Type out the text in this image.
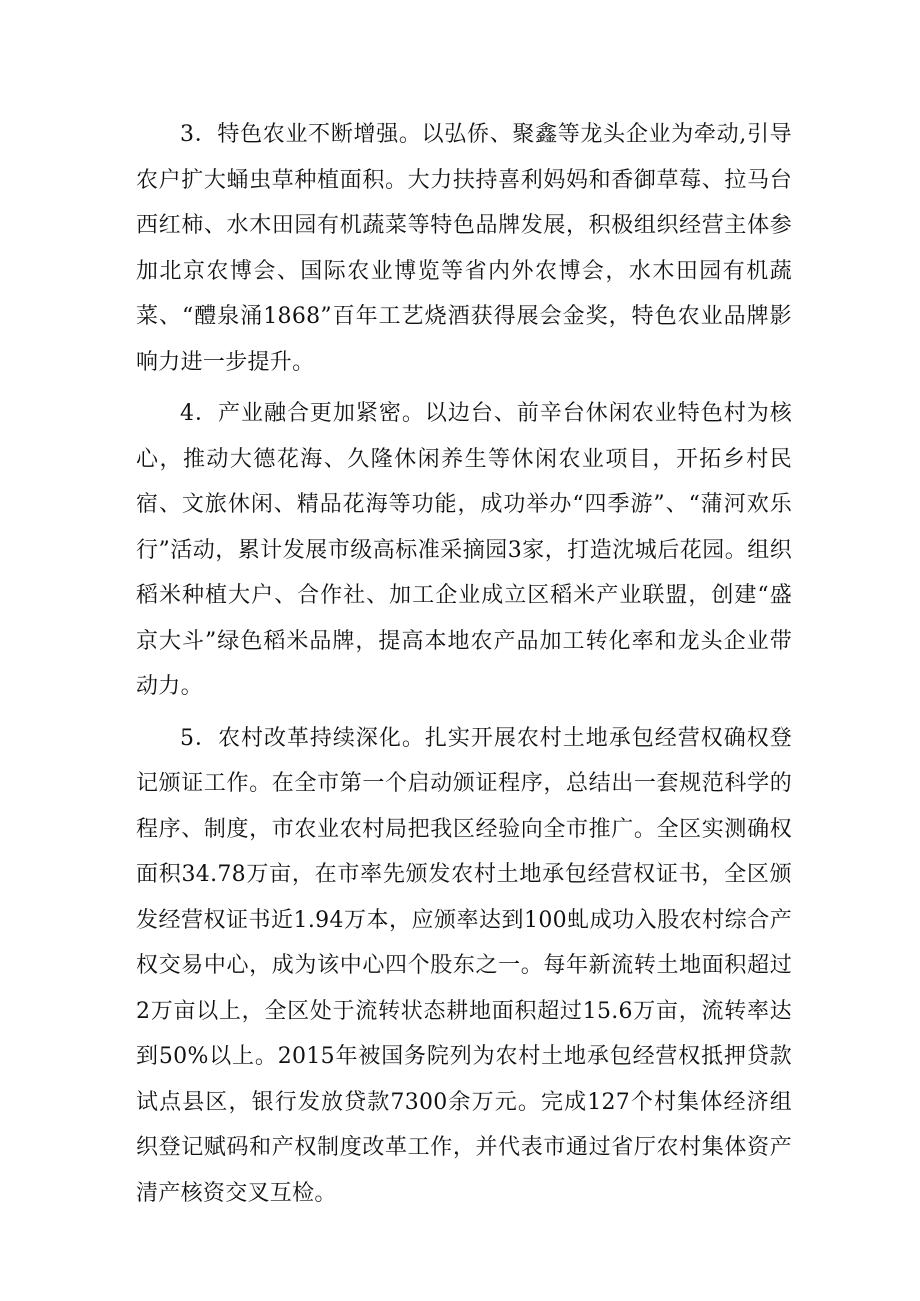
3．特色农业不断增强。以弘侨、聚鑫等龙头企业为牵动,引导农户扩大蛹虫草种植面积。大力扶持喜利妈妈和香御草莓、拉马台西红柿、水木田园有机蔬菜等特色品牌发展，积极组织经营主体参加北京农博会、国际农业博览等省内外农博会，水木田园有机蔬菜、“醴泉涌1868”百年工艺烧酒获得展会金奖，特色农业品牌影响力进一步提升。

4．产业融合更加紧密。以边台、前辛台休闲农业特色村为核心，推动大德花海、久隆休闲养生等休闲农业项目，开拓乡村民宿、文旅休闲、精品花海等功能，成功举办“四季游”、“蒲河欢乐行”活动，累计发展市级高标准采摘园3家，打造沈城后花园。组织稻米种植大户、合作社、加工企业成立区稻米产业联盟，创建“盛京大斗”绿色稻米品牌，提高本地农产品加工转化率和龙头企业带动力。

5．农村改革持续深化。扎实开展农村土地承包经营权确权登记颁证工作。在全市第一个启动颁证程序，总结出一套规范科学的程序、制度，市农业农村局把我区经验向全市推广。全区实测确权面积34.78万亩，在市率先颁发农村土地承包经营权证书，全区颁发经营权证书近1.94万本，应颁率达到100虬成功入股农村综合产权交易中心，成为该中心四个股东之一。每年新流转土地面积超过2万亩以上，全区处于流转状态耕地面积超过15.6万亩，流转率达到50%以上。2015年被国务院列为农村土地承包经营权抵押贷款试点县区，银行发放贷款7300余万元。完成127个村集体经济组织登记赋码和产权制度改革工作，并代表市通过省厅农村集体资产清产核资交叉互检。
